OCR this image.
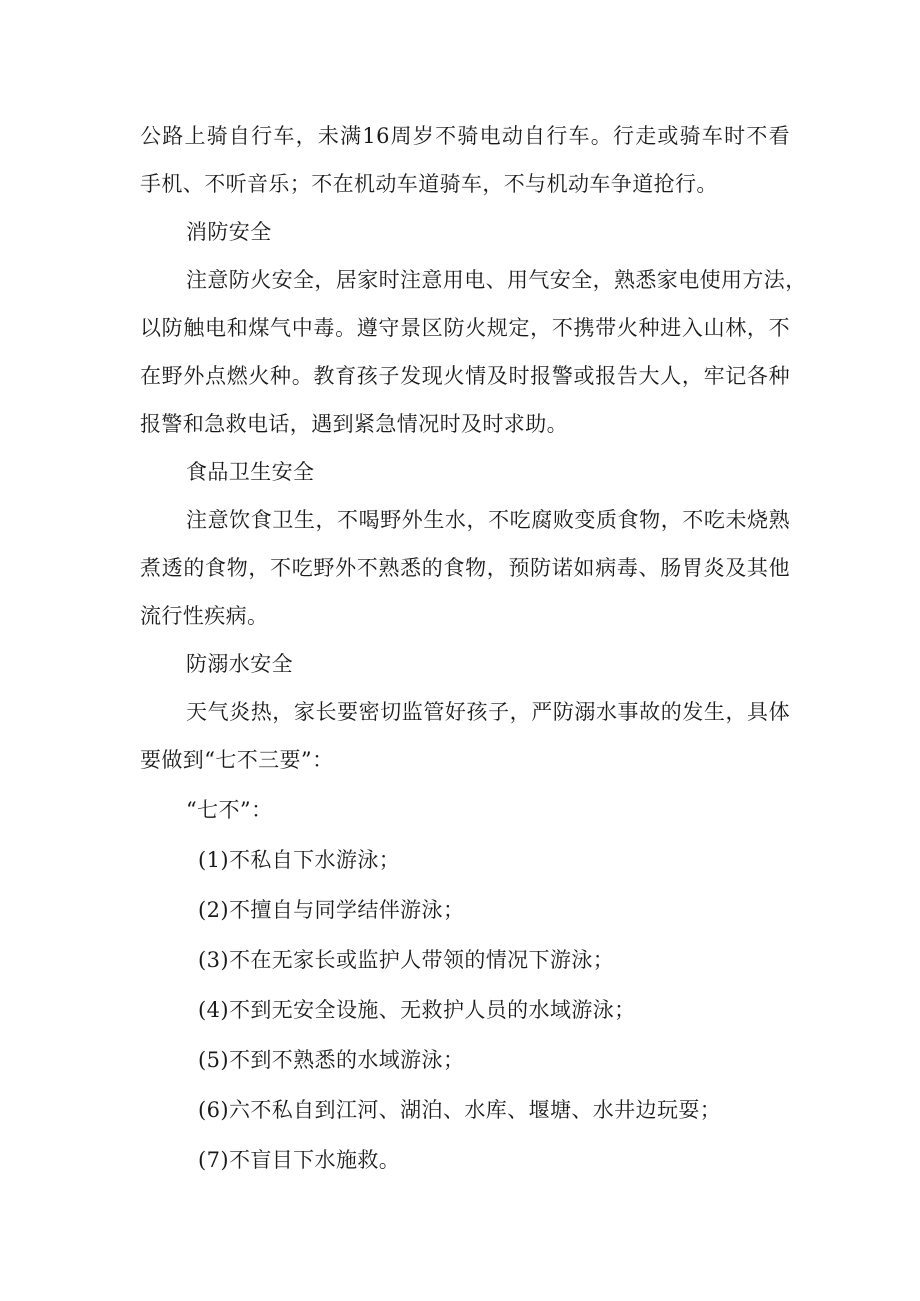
公路上骑自行车，未满16周岁不骑电动自行车。行走或骑车时不看
手机、不听音乐；不在机动车道骑车，不与机动车争道抢行。
消防安全
注意防火安全，居家时注意用电、用气安全，熟悉家电使用方法，
以防触电和煤气中毒。遵守景区防火规定，不携带火种进入山林，不
在野外点燃火种。教育孩子发现火情及时报警或报告大人，牢记各种
报警和急救电话，遇到紧急情况时及时求助。
食品卫生安全
注意饮食卫生，不喝野外生水，不吃腐败变质食物，不吃未烧熟
煮透的食物，不吃野外不熟悉的食物，预防诺如病毒、肠胃炎及其他
流行性疾病。
防溺水安全
天气炎热，家长要密切监管好孩子，严防溺水事故的发生，具体
要做到“七不三要”：
“七不”：
(1)不私自下水游泳；
(2)不擅自与同学结伴游泳；
(3)不在无家长或监护人带领的情况下游泳；
(4)不到无安全设施、无救护人员的水域游泳；
(5)不到不熟悉的水域游泳；
(6)六不私自到江河、湖泊、水库、堰塘、水井边玩耍；
(7)不盲目下水施救。
